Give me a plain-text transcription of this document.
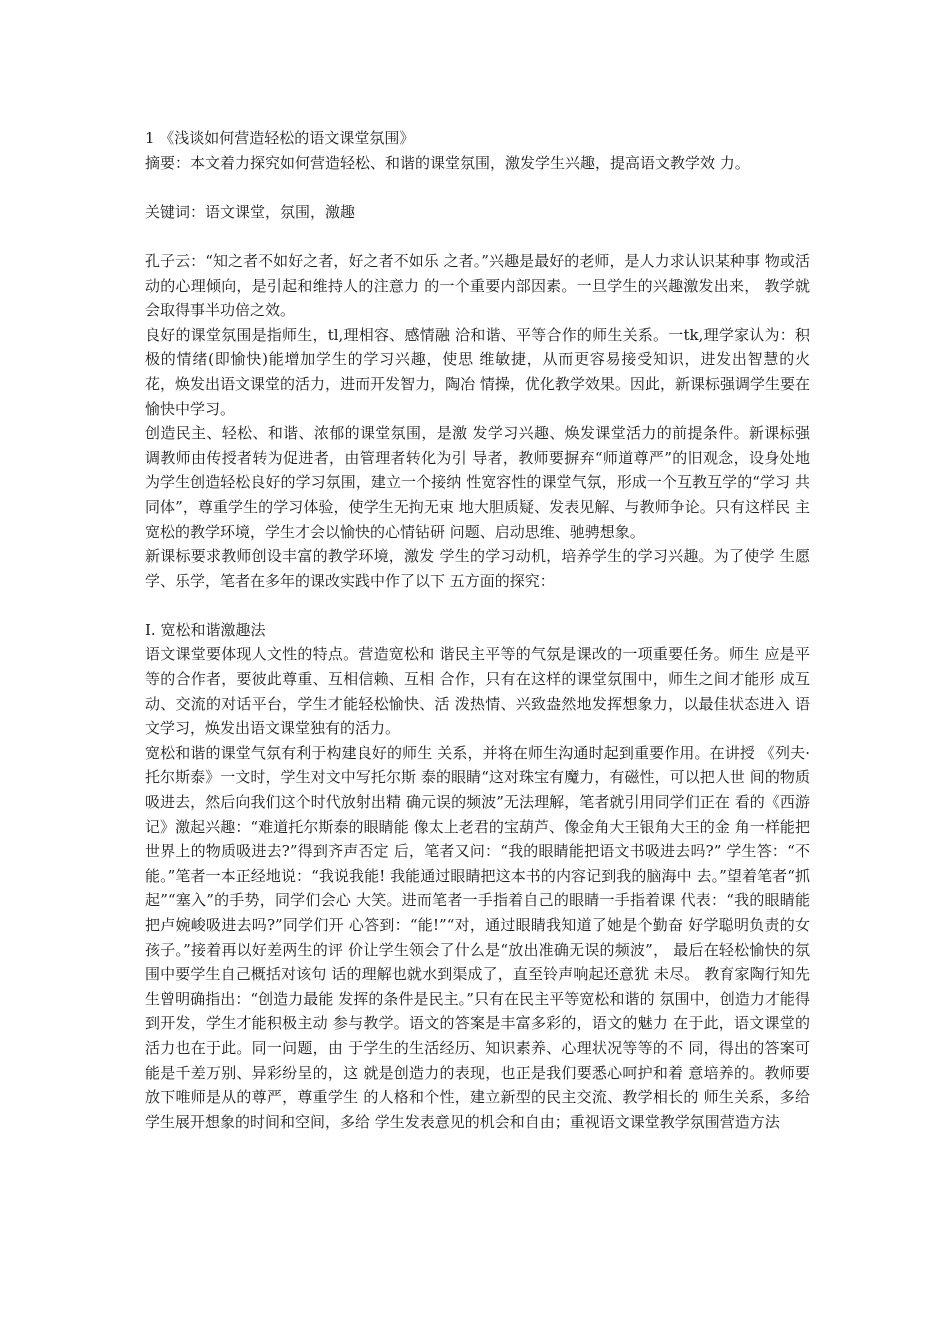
1 《浅谈如何营造轻松的语文课堂氛围》

摘要：本文着力探究如何营造轻松、和谐的课堂氛围，激发学生兴趣，提高语文教学效 力。

关键词：语文课堂，氛围，激趣

孔子云：“知之者不如好之者，好之者不如乐 之者。”兴趣是最好的老师，是人力求认识某种事 物或活动的心理倾向，是引起和维持人的注意力 的一个重要内部因素。一旦学生的兴趣激发出来， 教学就会取得事半功倍之效。

良好的课堂氛围是指师生，tl,理相容、感情融 洽和谐、平等合作的师生关系。一tk,理学家认为：积 极的情绪(即愉快)能增加学生的学习兴趣，使思 维敏捷，从而更容易接受知识，进发出智慧的火 花，焕发出语文课堂的活力，进而开发智力，陶冶 情操，优化教学效果。因此，新课标强调学生要在 愉快中学习。

创造民主、轻松、和谐、浓郁的课堂氛围，是激 发学习兴趣、焕发课堂活力的前提条件。新课标强 调教师由传授者转为促进者，由管理者转化为引 导者，教师要摒弃“师道尊严”的旧观念，设身处地 为学生创造轻松良好的学习氛围，建立一个接纳 性宽容性的课堂气氛，形成一个互教互学的“学习 共同体”，尊重学生的学习体验，使学生无拘无束 地大胆质疑、发表见解、与教师争论。只有这样民 主宽松的教学环境，学生才会以愉快的心情钻研 问题、启动思维、驰骋想象。

新课标要求教师创设丰富的教学环境，激发 学生的学习动机，培养学生的学习兴趣。为了使学 生愿学、乐学，笔者在多年的课改实践中作了以下 五方面的探究：

I. 宽松和谐激趣法

语文课堂要体现人文性的特点。营造宽松和 谐民主平等的气氛是课改的一项重要任务。师生 应是平等的合作者，要彼此尊重、互相信赖、互相 合作，只有在这样的课堂氛围中，师生之间才能形 成互动、交流的对话平台，学生才能轻松愉快、活 泼热情、兴致盎然地发挥想象力，以最佳状态进入 语文学习，焕发出语文课堂独有的活力。

宽松和谐的课堂气氛有利于构建良好的师生 关系，并将在师生沟通时起到重要作用。在讲授 《列夫·托尔斯泰》一文时，学生对文中写托尔斯 泰的眼睛“这对珠宝有魔力，有磁性，可以把人世 间的物质吸进去，然后向我们这个时代放射出精 确元误的频波”无法理解，笔者就引用同学们正在 看的《西游记》激起兴趣：“难道托尔斯泰的眼睛能 像太上老君的宝葫芦、像金角大王银角大王的金 角一样能把世界上的物质吸进去?”得到齐声否定 后，笔者又问：“我的眼睛能把语文书吸进去吗?” 学生答：“不能。”笔者一本正经地说：“我说我能! 我能通过眼睛把这本书的内容记到我的脑海中 去。”望着笔者“抓起”“塞入”的手势，同学们会心 大笑。进而笔者一手指着自己的眼睛一手指着课 代表：“我的眼睛能把卢婉峻吸进去吗?”同学们开 心答到：“能!”“对，通过眼睛我知道了她是个勤奋 好学聪明负责的女孩子。”接着再以好差两生的评 价让学生领会了什么是“放出准确无误的频波”， 最后在轻松愉快的氛围中要学生自己概括对该句 话的理解也就水到渠成了，直至铃声响起还意犹 未尽。 教育家陶行知先生曾明确指出：“创造力最能 发挥的条件是民主。”只有在民主平等宽松和谐的 氛围中，创造力才能得到开发，学生才能积极主动 参与教学。语文的答案是丰富多彩的，语文的魅力 在于此，语文课堂的活力也在于此。同一问题，由 于学生的生活经历、知识素养、心理状况等等的不 同，得出的答案可能是千差万别、异彩纷呈的，这 就是创造力的表现，也正是我们要悉心呵护和着 意培养的。教师要放下唯师是从的尊严，尊重学生 的人格和个性，建立新型的民主交流、教学相长的 师生关系，多给学生展开想象的时间和空间，多给 学生发表意见的机会和自由；重视语文课堂教学氛围营造方法
